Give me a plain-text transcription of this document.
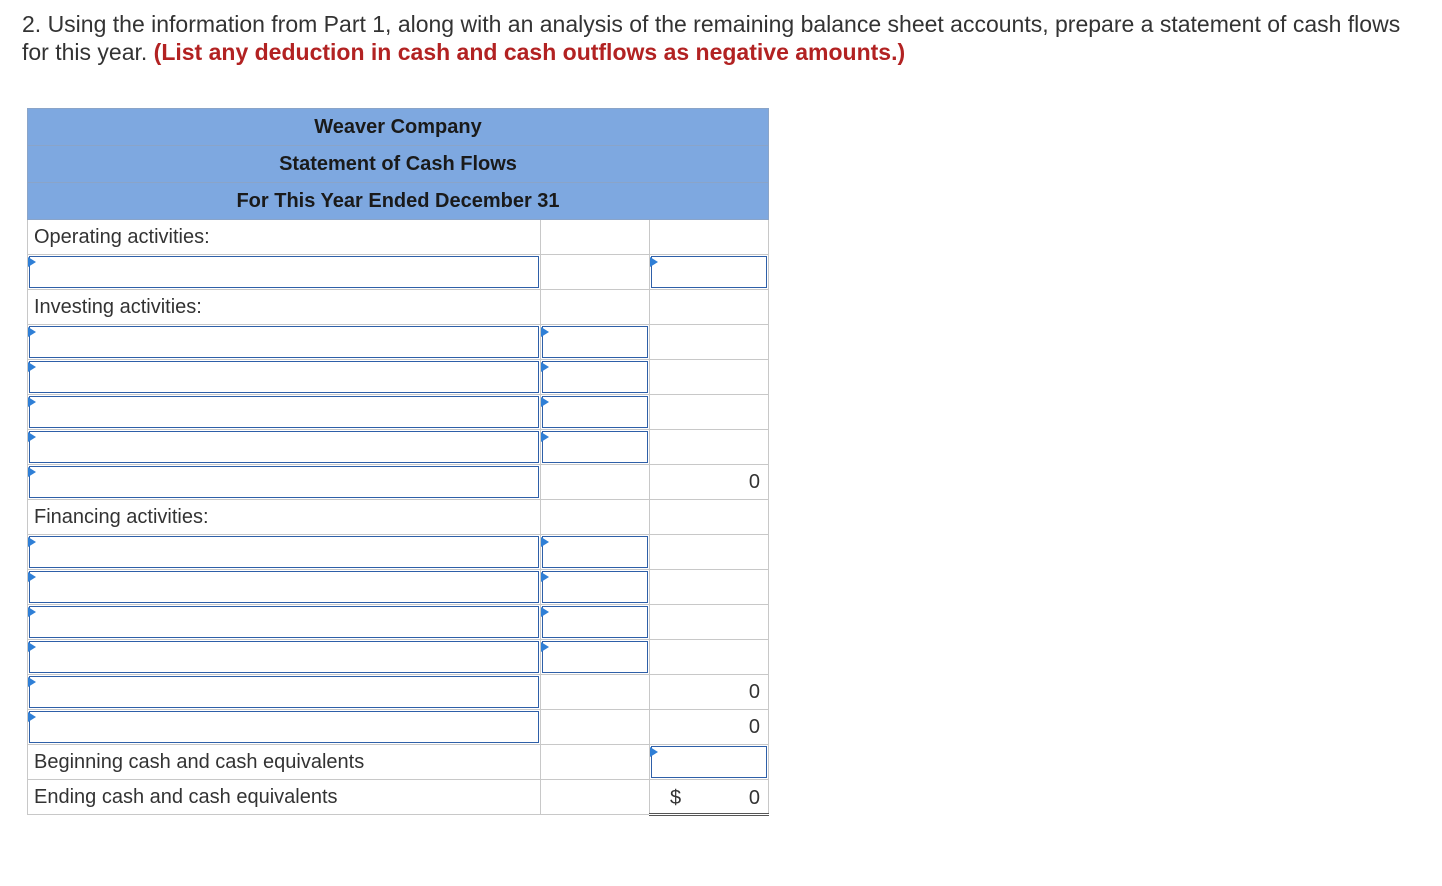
2. Using the information from Part 1, along with an analysis of the remaining balance sheet accounts, prepare a statement of cash flows for this year. (List any deduction in cash and cash outflows as negative amounts.)
Weaver Company		
Statement of Cash Flows		
For This Year Ended December 31		
Operating activities:		

Investing activities:		

		0
Financing activities:		

		0

		0
Beginning cash and cash equivalents		

Ending cash and cash equivalents		$ 0
